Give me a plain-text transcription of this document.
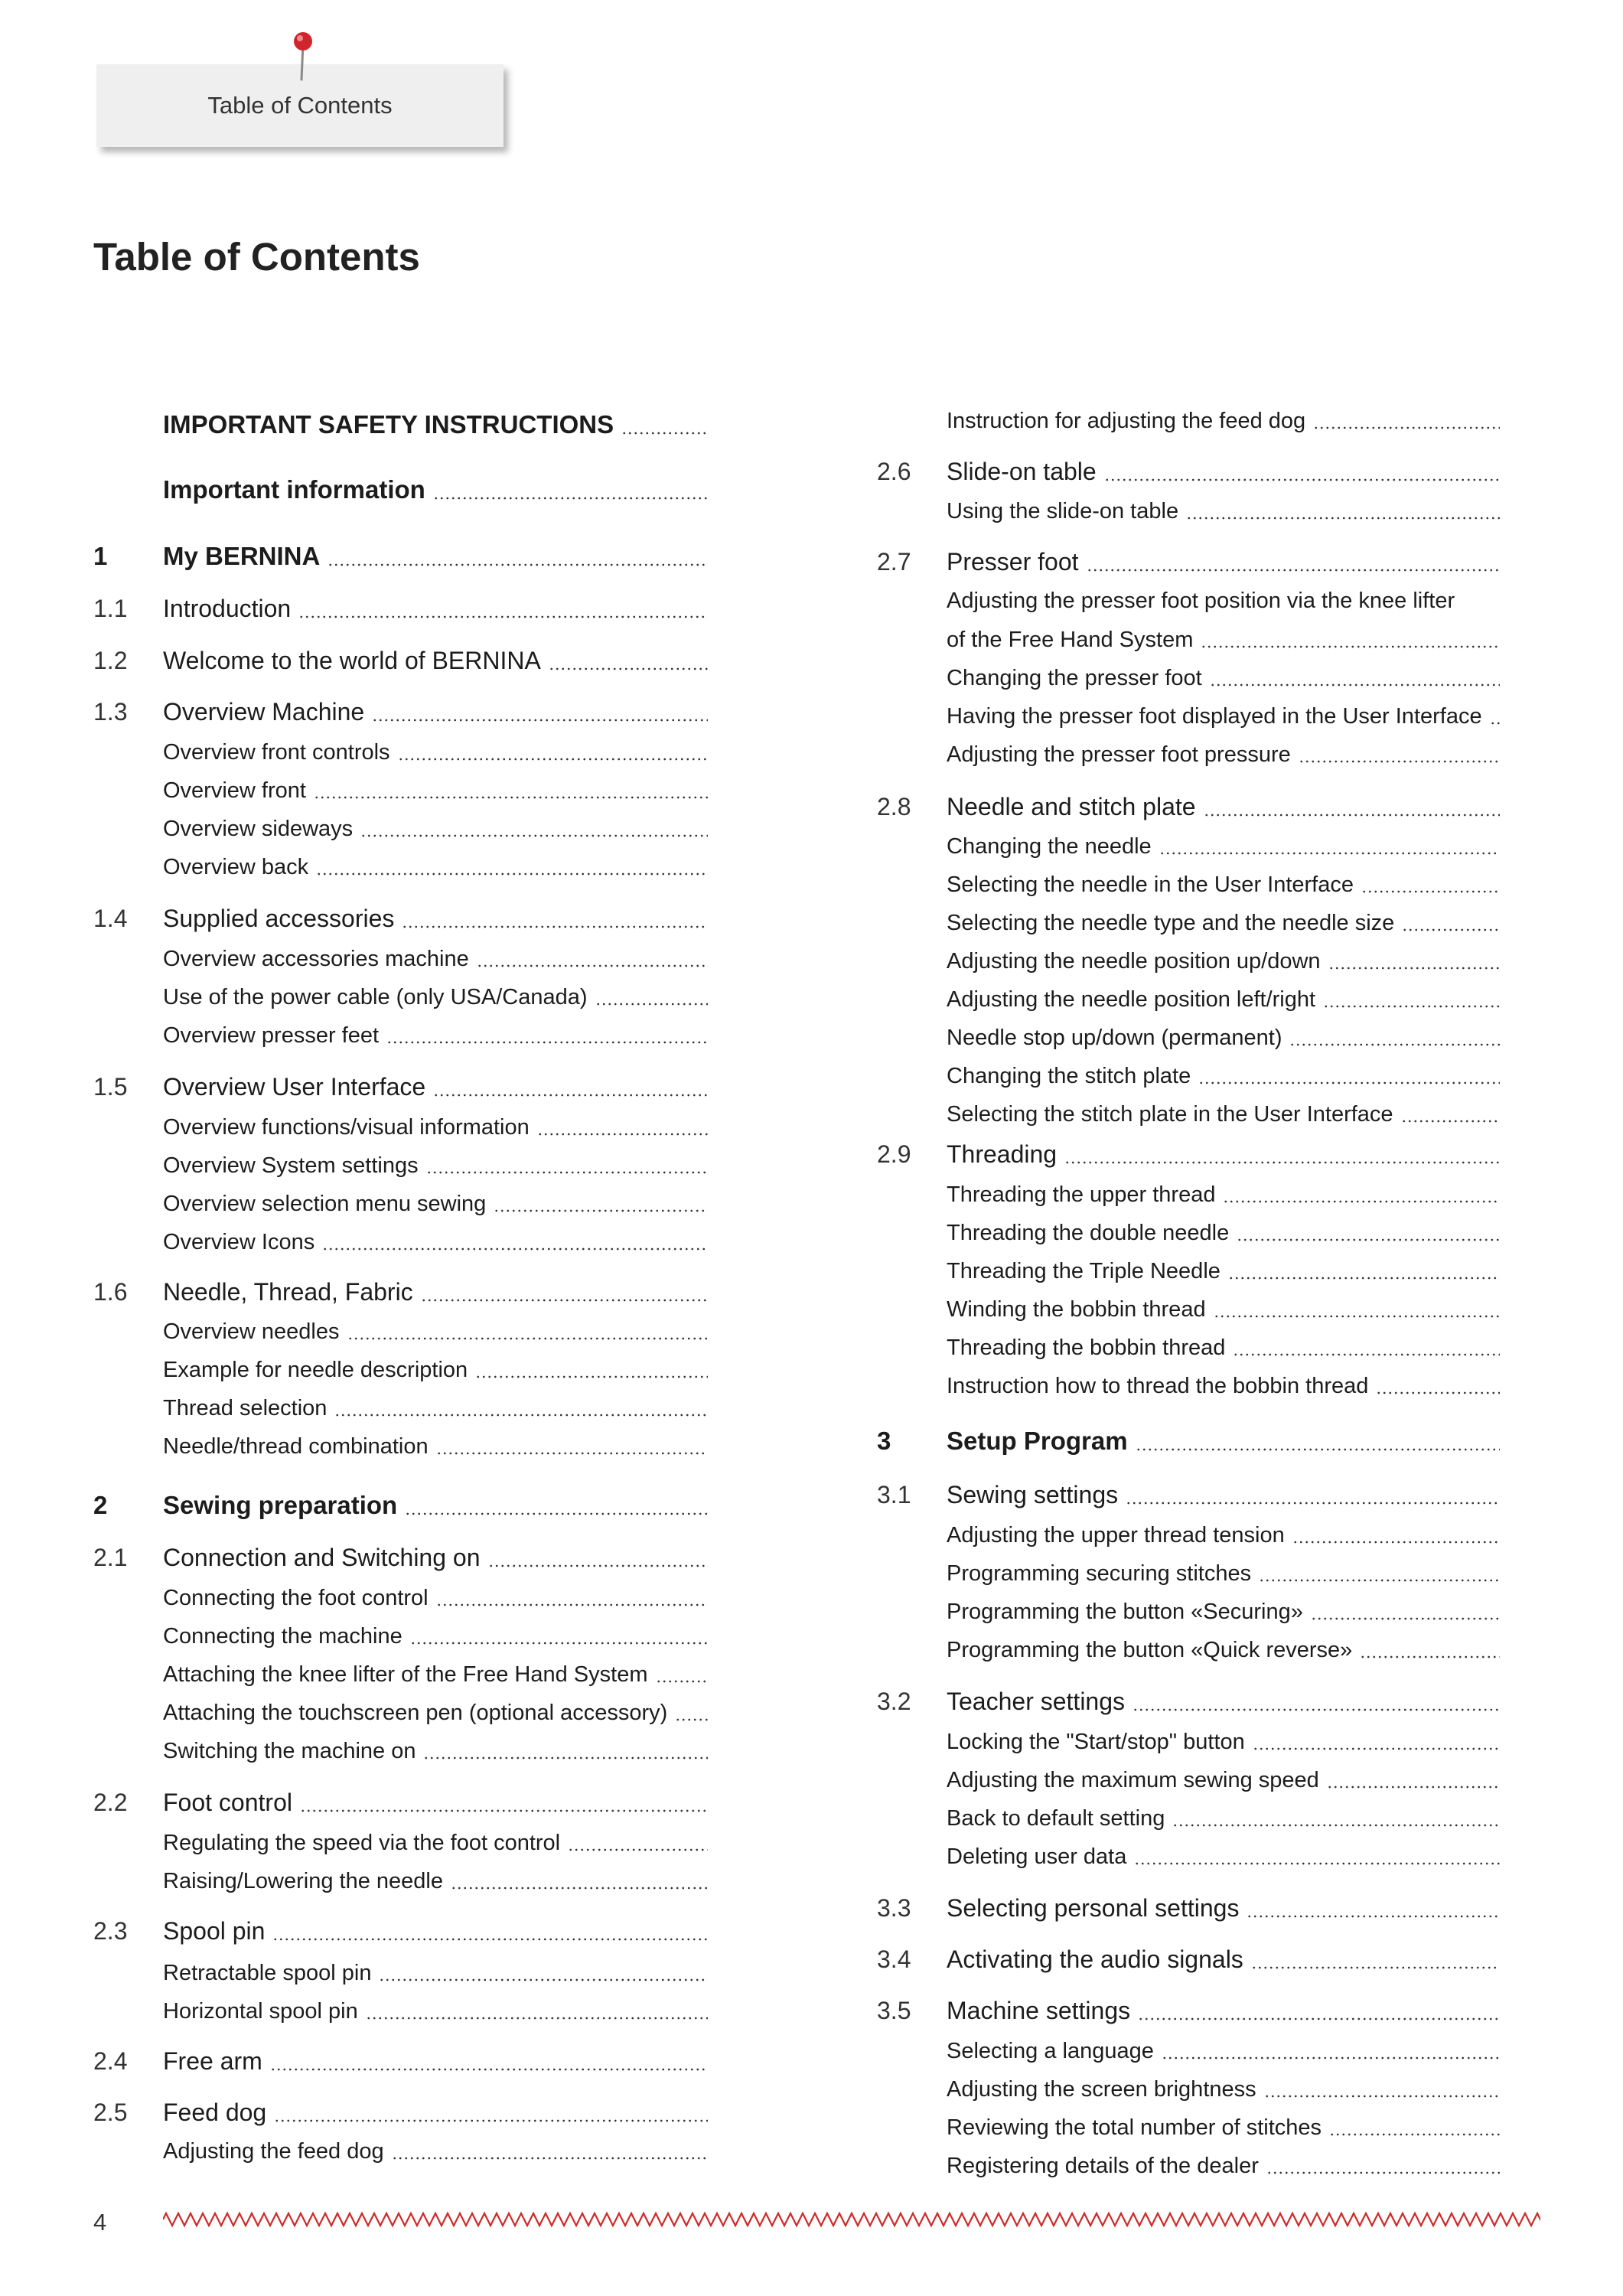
Table of Contents
Table of Contents
IMPORTANT SAFETY INSTRUCTIONS
Important information
1 My BERNINA
1.1 Introduction
1.2 Welcome to the world of BERNINA
1.3 Overview Machine
Overview front controls
Overview front
Overview sideways
Overview back
1.4 Supplied accessories
Overview accessories machine
Use of the power cable (only USA/Canada)
Overview presser feet
1.5 Overview User Interface
Overview functions/visual information
Overview System settings
Overview selection menu sewing
Overview Icons
1.6 Needle, Thread, Fabric
Overview needles
Example for needle description
Thread selection
Needle/thread combination
2 Sewing preparation
2.1 Connection and Switching on
Connecting the foot control
Connecting the machine
Attaching the knee lifter of the Free Hand System
Attaching the touchscreen pen (optional accessory)
Switching the machine on
2.2 Foot control
Regulating the speed via the foot control
Raising/Lowering the needle
2.3 Spool pin
Retractable spool pin
Horizontal spool pin
2.4 Free arm
2.5 Feed dog
Adjusting the feed dog
Instruction for adjusting the feed dog
2.6 Slide-on table
Using the slide-on table
2.7 Presser foot
Adjusting the presser foot position via the knee lifter
of the Free Hand System
Changing the presser foot
Having the presser foot displayed in the User Interface
Adjusting the presser foot pressure
2.8 Needle and stitch plate
Changing the needle
Selecting the needle in the User Interface
Selecting the needle type and the needle size
Adjusting the needle position up/down
Adjusting the needle position left/right
Needle stop up/down (permanent)
Changing the stitch plate
Selecting the stitch plate in the User Interface
2.9 Threading
Threading the upper thread
Threading the double needle
Threading the Triple Needle
Winding the bobbin thread
Threading the bobbin thread
Instruction how to thread the bobbin thread
3 Setup Program
3.1 Sewing settings
Adjusting the upper thread tension
Programming securing stitches
Programming the button «Securing»
Programming the button «Quick reverse»
3.2 Teacher settings
Locking the "Start/stop" button
Adjusting the maximum sewing speed
Back to default setting
Deleting user data
3.3 Selecting personal settings
3.4 Activating the audio signals
3.5 Machine settings
Selecting a language
Adjusting the screen brightness
Reviewing the total number of stitches
Registering details of the dealer
4
